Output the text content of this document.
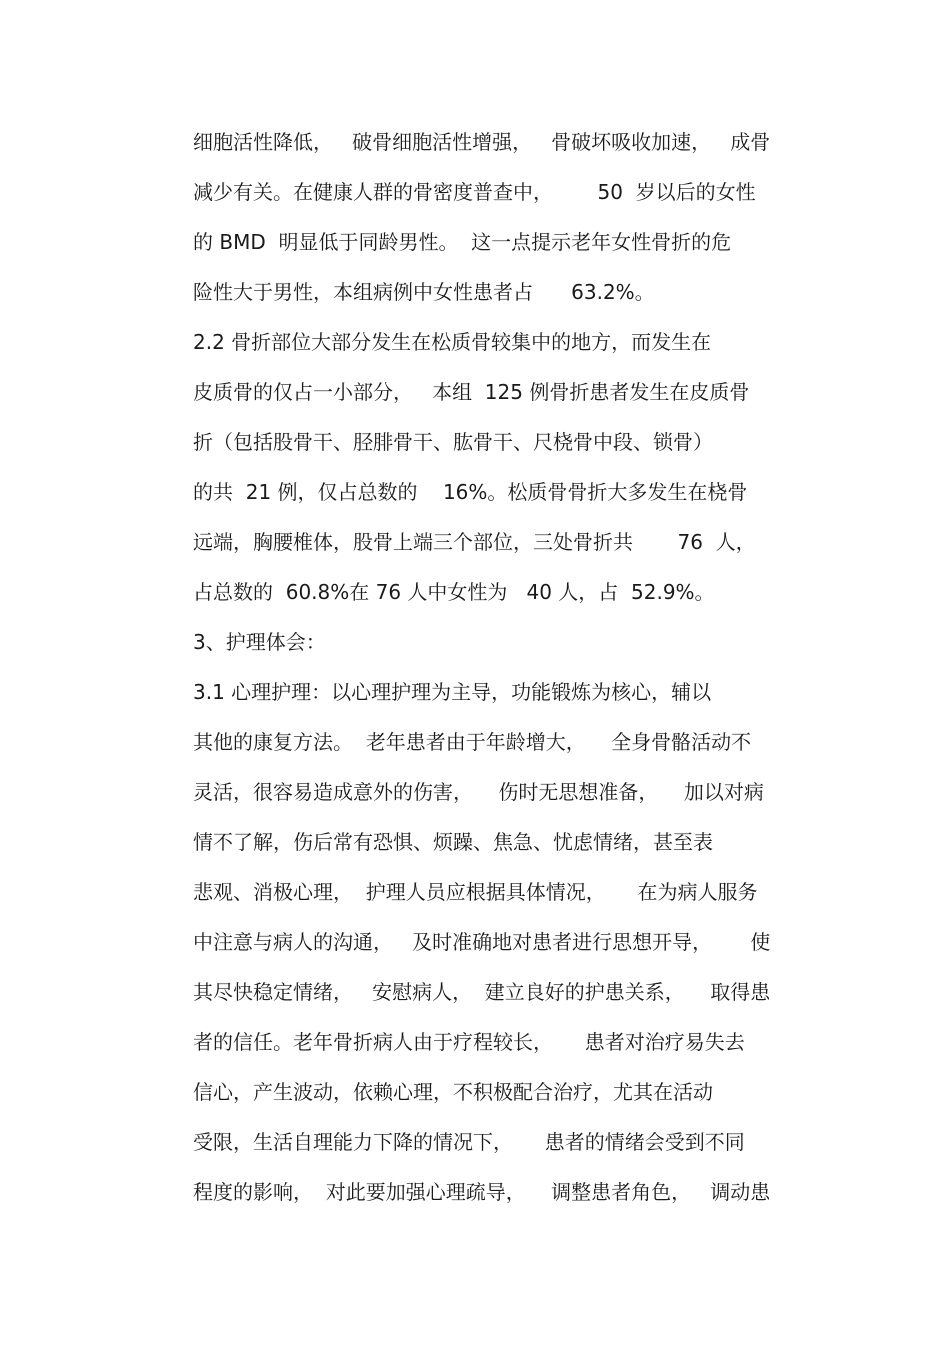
细胞活性降低，   破骨细胞活性增强，   骨破坏吸收加速，   成骨
减少有关。在健康人群的骨密度普查中，       50  岁以后的女性
的 BMD  明显低于同龄男性。  这一点提示老年女性骨折的危
险性大于男性，本组病例中女性患者占      63.2%。
2.2 骨折部位大部分发生在松质骨较集中的地方，而发生在
皮质骨的仅占一小部分，   本组  125 例骨折患者发生在皮质骨
折（包括股骨干、胫腓骨干、肱骨干、尺桡骨中段、锁骨）
的共  21 例，仅占总数的    16%。松质骨骨折大多发生在桡骨
远端，胸腰椎体，股骨上端三个部位，三处骨折共       76  人，
占总数的  60.8%在 76 人中女性为   40 人，占  52.9%。
3、护理体会：
3.1 心理护理：以心理护理为主导，功能锻炼为核心，辅以
其他的康复方法。  老年患者由于年龄增大，    全身骨骼活动不
灵活，很容易造成意外的伤害，    伤时无思想准备，    加以对病
情不了解，伤后常有恐惧、烦躁、焦急、忧虑情绪，甚至表
悲观、消极心理，  护理人员应根据具体情况，     在为病人服务
中注意与病人的沟通，   及时准确地对患者进行思想开导，      使
其尽快稳定情绪，   安慰病人，  建立良好的护患关系，    取得患
者的信任。老年骨折病人由于疗程较长，     患者对治疗易失去
信心，产生波动，依赖心理，不积极配合治疗，尤其在活动
受限，生活自理能力下降的情况下，     患者的情绪会受到不同
程度的影响，  对此要加强心理疏导，    调整患者角色，   调动患
